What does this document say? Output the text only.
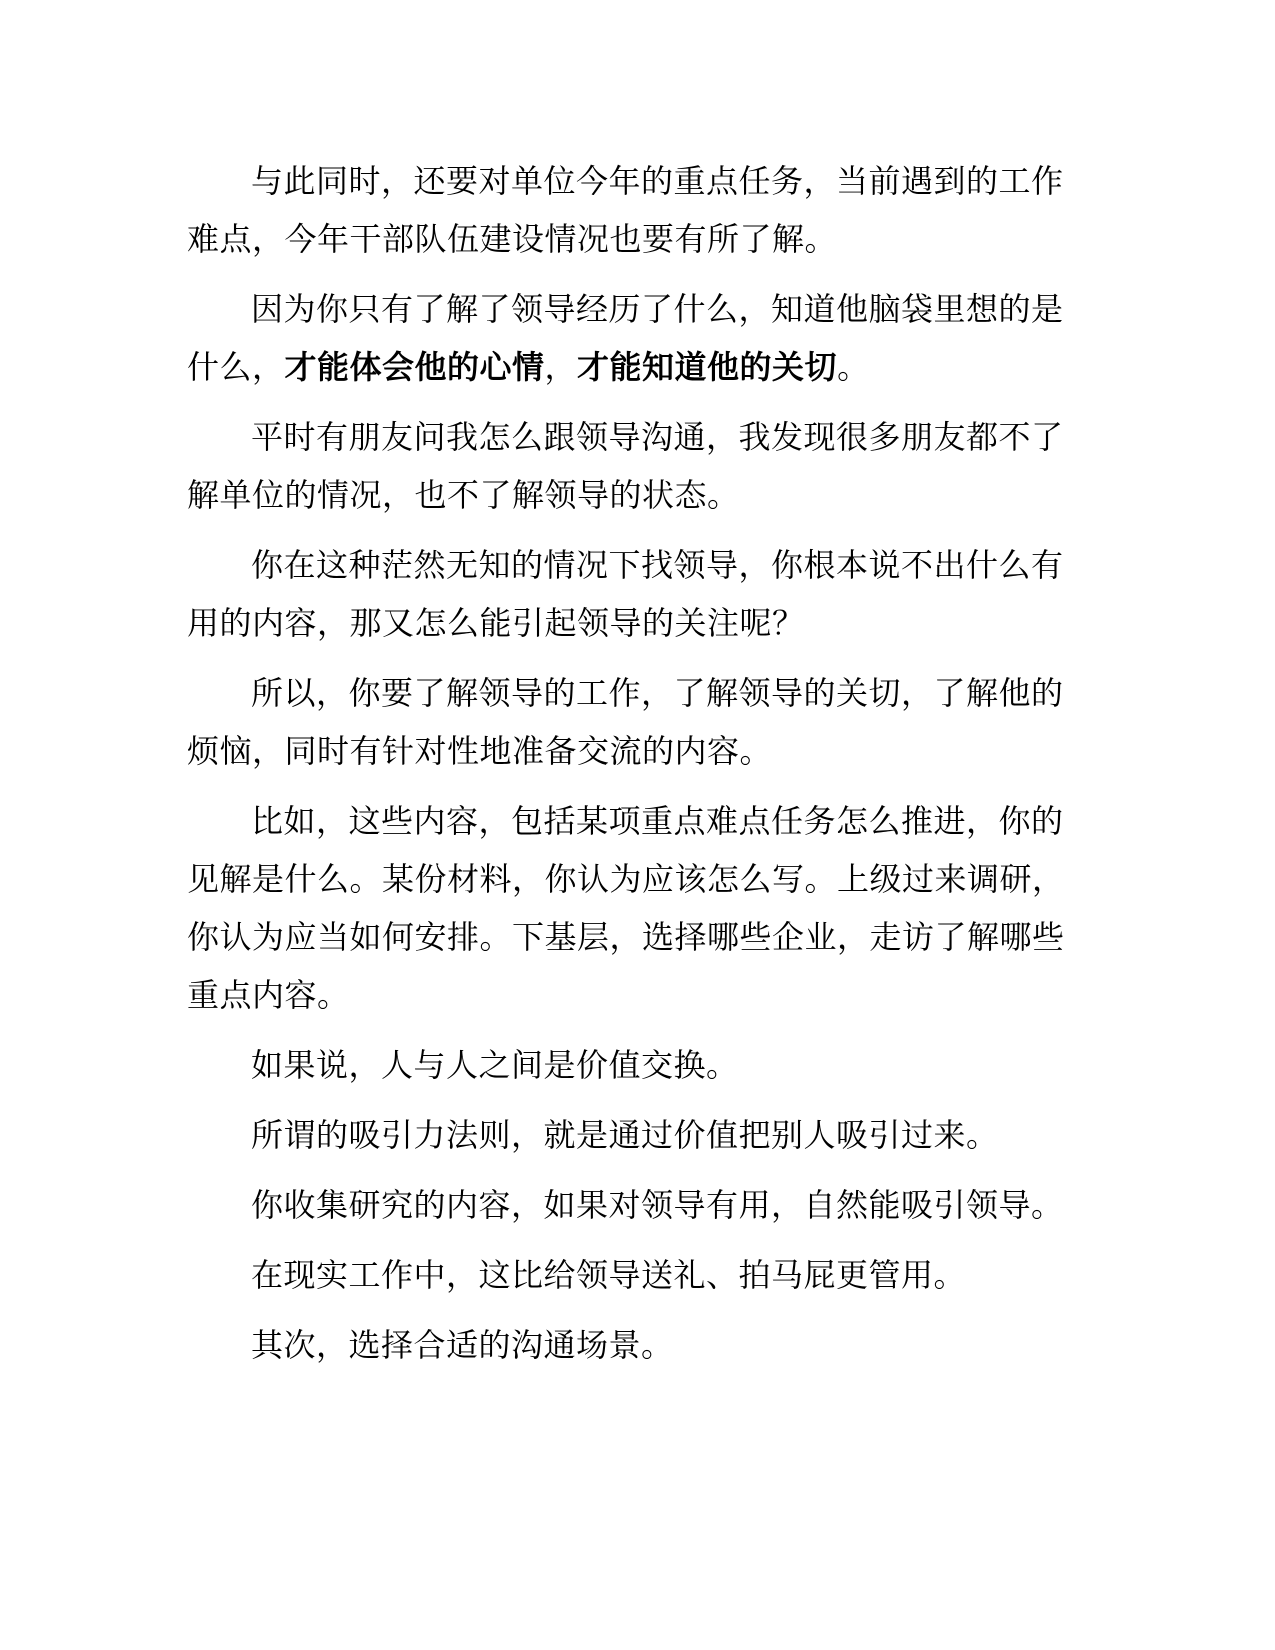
与此同时，还要对单位今年的重点任务，当前遇到的工作难点，今年干部队伍建设情况也要有所了解。

因为你只有了解了领导经历了什么，知道他脑袋里想的是什么，才能体会他的心情，才能知道他的关切。

平时有朋友问我怎么跟领导沟通，我发现很多朋友都不了解单位的情况，也不了解领导的状态。

你在这种茫然无知的情况下找领导，你根本说不出什么有用的内容，那又怎么能引起领导的关注呢？

所以，你要了解领导的工作，了解领导的关切，了解他的烦恼，同时有针对性地准备交流的内容。

比如，这些内容，包括某项重点难点任务怎么推进，你的见解是什么。某份材料，你认为应该怎么写。上级过来调研，你认为应当如何安排。下基层，选择哪些企业，走访了解哪些重点内容。

如果说，人与人之间是价值交换。

所谓的吸引力法则，就是通过价值把别人吸引过来。

你收集研究的内容，如果对领导有用，自然能吸引领导。

在现实工作中，这比给领导送礼、拍马屁更管用。

其次，选择合适的沟通场景。
